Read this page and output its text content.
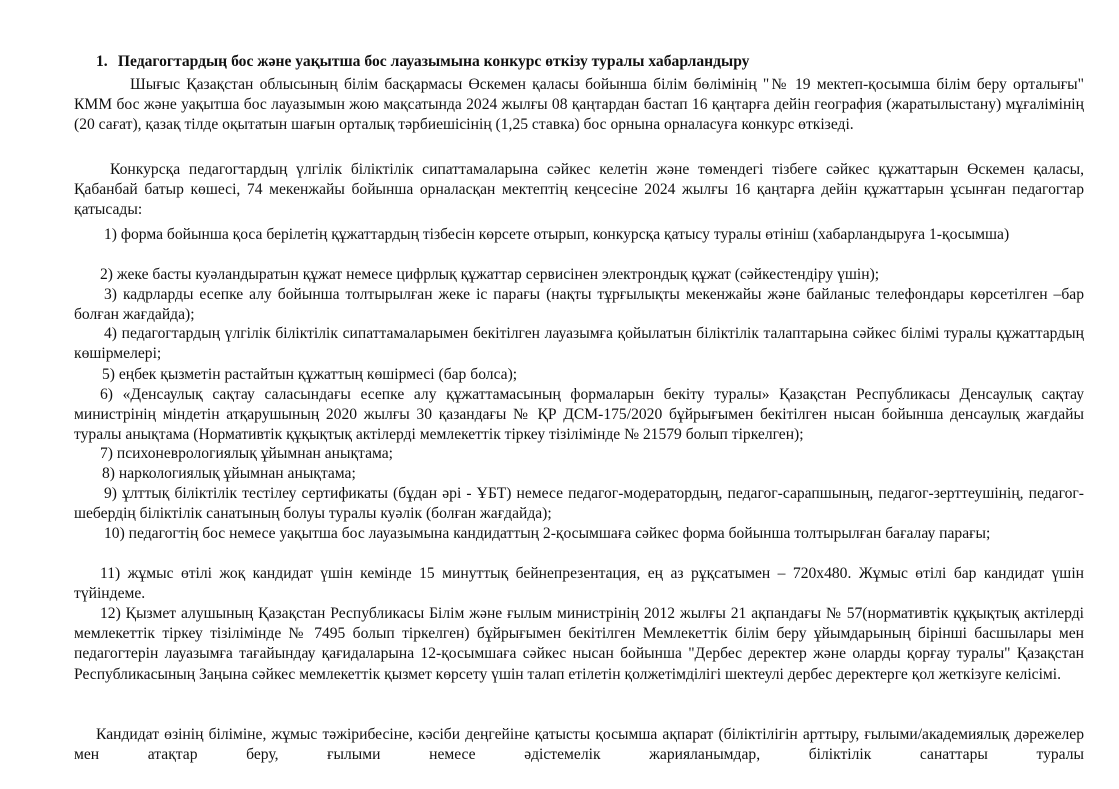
1. Педагогтардың бос және уақытша бос лауазымына конкурс өткізу туралы хабарландыру
Шығыс Қазақстан облысының білім басқармасы Өскемен қаласы бойынша білім бөлімінің "№ 19 мектеп-қосымша білім беру орталығы" КММ бос және уақытша бос лауазымын жою мақсатында 2024 жылғы 08 қаңтардан бастап 16 қаңтарға дейін география (жаратылыстану) мұғалімінің (20 сағат), қазақ тілде оқытатын шағын орталық тәрбиешісінің (1,25 ставка) бос орнына орналасуға конкурс өткізеді.
Конкурсқа педагогтардың үлгілік біліктілік сипаттамаларына сәйкес келетін және төмендегі тізбеге сәйкес құжаттарын Өскемен қаласы, Қабанбай батыр көшесі, 74 мекенжайы бойынша орналасқан мектептің кеңсесіне 2024 жылғы 16 қаңтарға дейін құжаттарын ұсынған педагогтар қатысады:
1) форма бойынша қоса берілетің құжаттардың тізбесін көрсете отырып, конкурсқа қатысу туралы өтініш (хабарландыруға 1-қосымша)
2) жеке басты куәландыратын құжат немесе цифрлық құжаттар сервисінен электрондық құжат (сәйкестендіру үшін);
3) кадрларды есепке алу бойынша толтырылған жеке іс парағы (нақты тұрғылықты мекенжайы және байланыс телефондары көрсетілген –бар болған жағдайда);
4) педагогтардың үлгілік біліктілік сипаттамаларымен бекітілген лауазымға қойылатын біліктілік талаптарына сәйкес білімі туралы құжаттардың көшірмелері;
5) еңбек қызметін растайтын құжаттың көшірмесі (бар болса);
6) «Денсаулық сақтау саласындағы есепке алу құжаттамасының формаларын бекіту туралы» Қазақстан Республикасы Денсаулық сақтау министрінің міндетін атқарушының 2020 жылғы 30 қазандағы № ҚР ДСМ-175/2020 бұйрығымен бекітілген нысан бойынша денсаулық жағдайы туралы анықтама (Нормативтік құқықтық актілерді мемлекеттік тіркеу тізілімінде № 21579 болып тіркелген);
7) психоневрологиялық ұйымнан анықтама;
8) наркологиялық ұйымнан анықтама;
9) ұлттық біліктілік тестілеу сертификаты (бұдан әрі - ҰБТ) немесе педагог-модератордың, педагог-сарапшының, педагог-зерттеушінің, педагог-шебердің біліктілік санатының болуы туралы куәлік (болған жағдайда);
10) педагогтің бос немесе уақытша бос лауазымына кандидаттың 2-қосымшаға сәйкес форма бойынша толтырылған бағалау парағы;
11) жұмыс өтілі жоқ кандидат үшін кемінде 15 минуттық бейнепрезентация, ең аз рұқсатымен – 720x480. Жұмыс өтілі бар кандидат үшін түйіндеме.
12) Қызмет алушының Қазақстан Республикасы Білім және ғылым министрінің 2012 жылғы 21 ақпандағы № 57(нормативтік құқықтық актілерді мемлекеттік тіркеу тізілімінде № 7495 болып тіркелген) бұйрығымен бекітілген Мемлекеттік білім беру ұйымдарының бірінші басшылары мен педагогтерін лауазымға тағайындау қағидаларына 12-қосымшаға сәйкес нысан бойынша "Дербес деректер және оларды қорғау туралы" Қазақстан Республикасының Заңына сәйкес мемлекеттік қызмет көрсету үшін талап етілетін қолжетімділігі шектеулі дербес деректерге қол жеткізуге келісімі.
Кандидат өзінің біліміне, жұмыс тәжірибесіне, кәсіби деңгейіне қатысты қосымша ақпарат (біліктілігін арттыру, ғылыми/академиялық дәрежелер мен атақтар беру, ғылыми немесе әдістемелік жарияланымдар, біліктілік санаттары туралы
